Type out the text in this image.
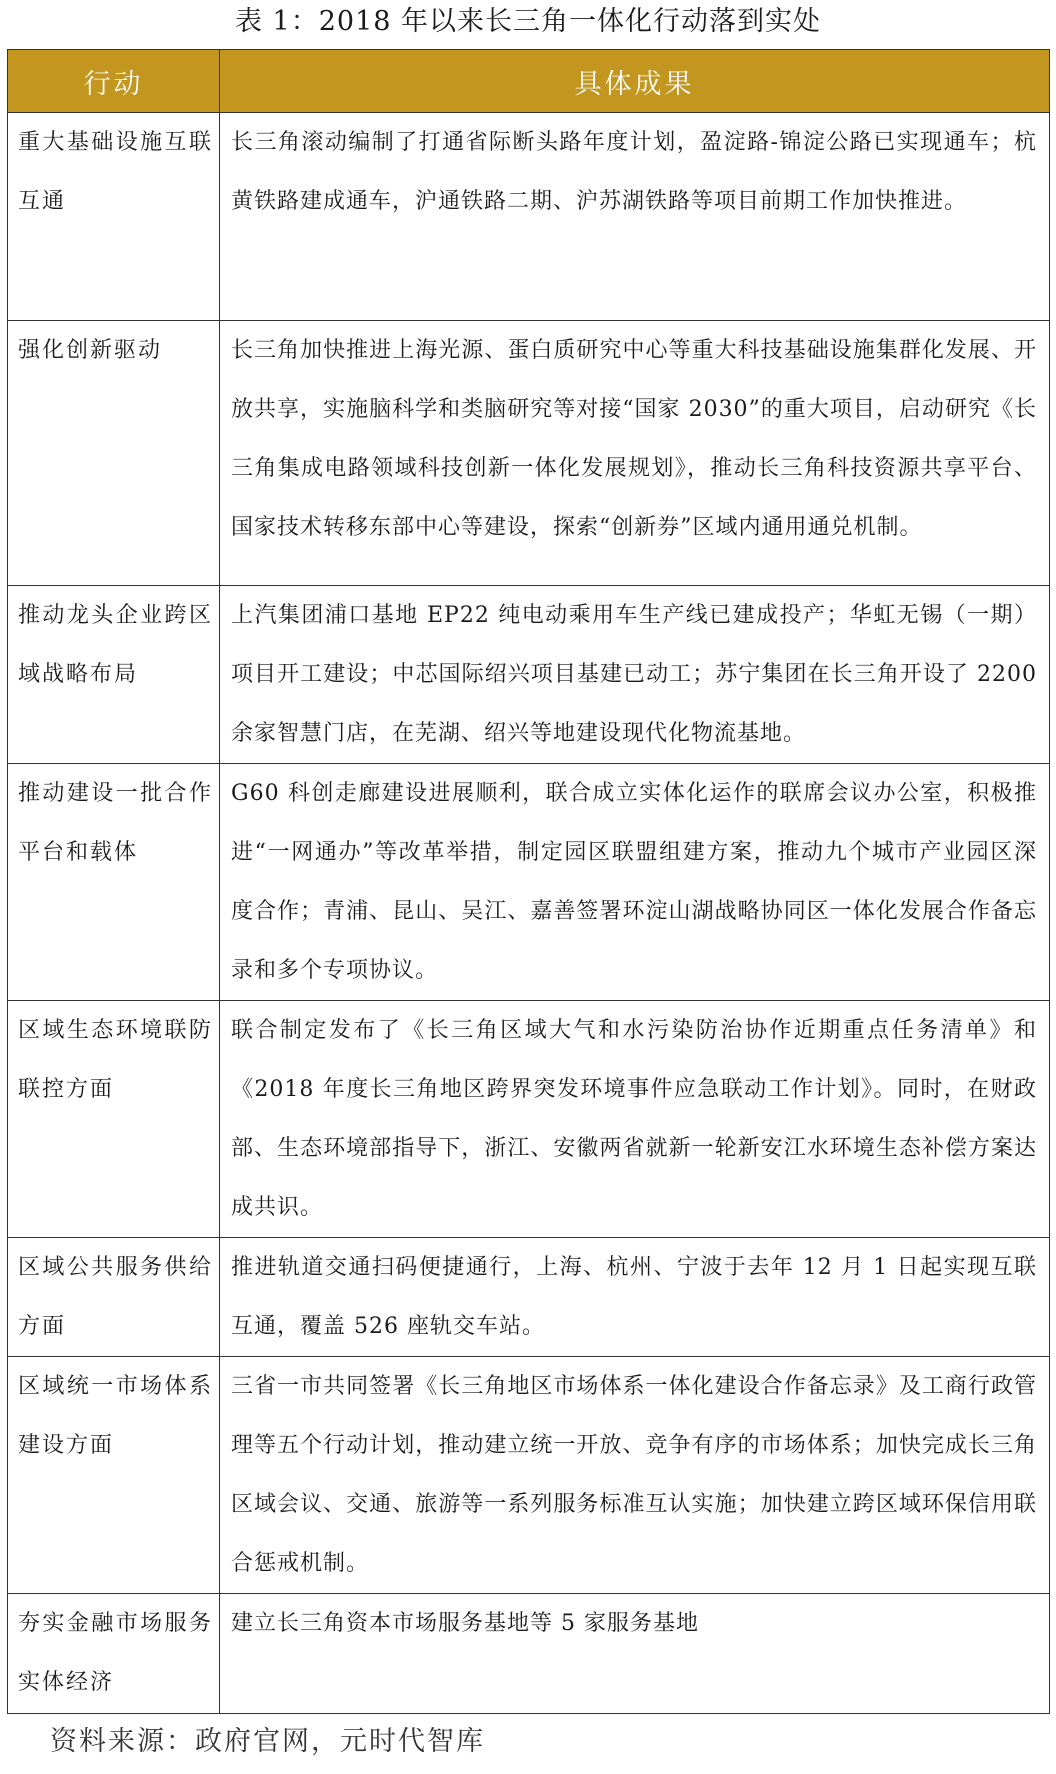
表 1：2018 年以来长三角一体化行动落到实处
行动	具体成果
重大基础设施互联互通	长三角滚动编制了打通省际断头路年度计划，盈淀路-锦淀公路已实现通车；杭黄铁路建成通车，沪通铁路二期、沪苏湖铁路等项目前期工作加快推进。
强化创新驱动	长三角加快推进上海光源、蛋白质研究中心等重大科技基础设施集群化发展、开放共享，实施脑科学和类脑研究等对接“国家 2030”的重大项目，启动研究《长三角集成电路领域科技创新一体化发展规划》，推动长三角科技资源共享平台、国家技术转移东部中心等建设，探索“创新券”区域内通用通兑机制。
推动龙头企业跨区域战略布局	上汽集团浦口基地 EP22 纯电动乘用车生产线已建成投产；华虹无锡（一期）项目开工建设；中芯国际绍兴项目基建已动工；苏宁集团在长三角开设了 2200 余家智慧门店，在芜湖、绍兴等地建设现代化物流基地。
推动建设一批合作平台和载体	G60 科创走廊建设进展顺利，联合成立实体化运作的联席会议办公室，积极推进“一网通办”等改革举措，制定园区联盟组建方案，推动九个城市产业园区深度合作；青浦、昆山、吴江、嘉善签署环淀山湖战略协同区一体化发展合作备忘录和多个专项协议。
区域生态环境联防联控方面	联合制定发布了《长三角区域大气和水污染防治协作近期重点任务清单》和《2018 年度长三角地区跨界突发环境事件应急联动工作计划》。同时，在财政部、生态环境部指导下，浙江、安徽两省就新一轮新安江水环境生态补偿方案达成共识。
区域公共服务供给方面	推进轨道交通扫码便捷通行，上海、杭州、宁波于去年 12 月 1 日起实现互联互通，覆盖 526 座轨交车站。
区域统一市场体系建设方面	三省一市共同签署《长三角地区市场体系一体化建设合作备忘录》及工商行政管理等五个行动计划，推动建立统一开放、竞争有序的市场体系；加快完成长三角区域会议、交通、旅游等一系列服务标准互认实施；加快建立跨区域环保信用联合惩戒机制。
夯实金融市场服务实体经济	建立长三角资本市场服务基地等 5 家服务基地
资料来源：政府官网，元时代智库
